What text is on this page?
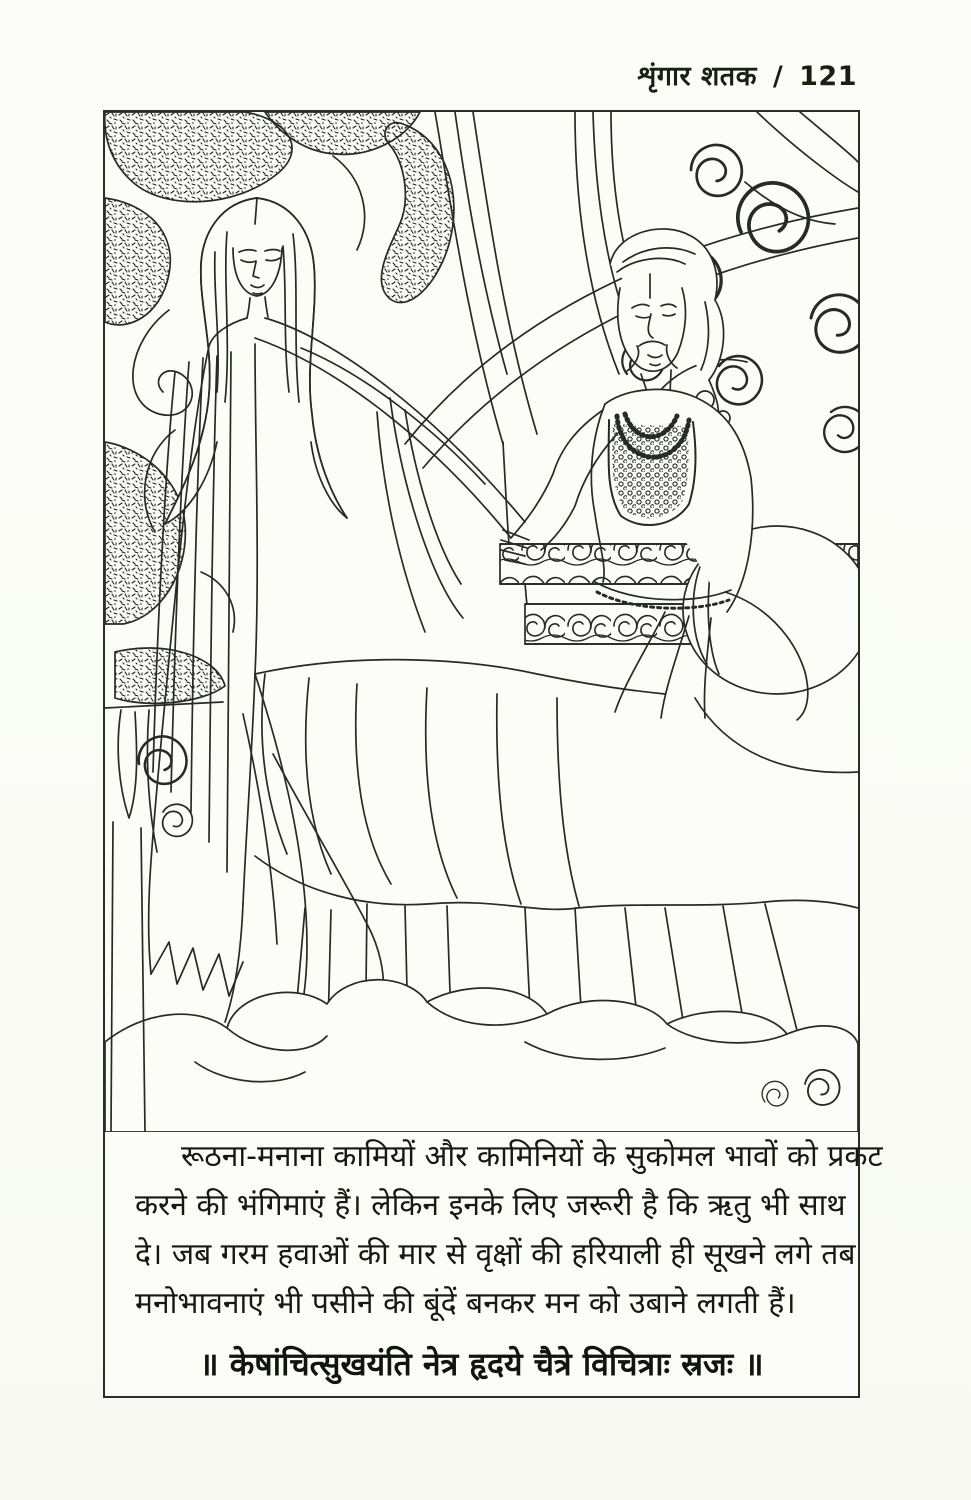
शृंगार शतक / 121
रूठना-मनाना कामियों और कामिनियों के सुकोमल भावों को प्रकट
करने की भंगिमाएं हैं। लेकिन इनके लिए जरूरी है कि ऋतु भी साथ
दे। जब गरम हवाओं की मार से वृक्षों की हरियाली ही सूखने लगे तब
मनोभावनाएं भी पसीने की बूंदें बनकर मन को उबाने लगती हैं।
॥ केषांचित्सुखयंति नेत्र हृदये चैत्रे विचित्राः स्रजः ॥
